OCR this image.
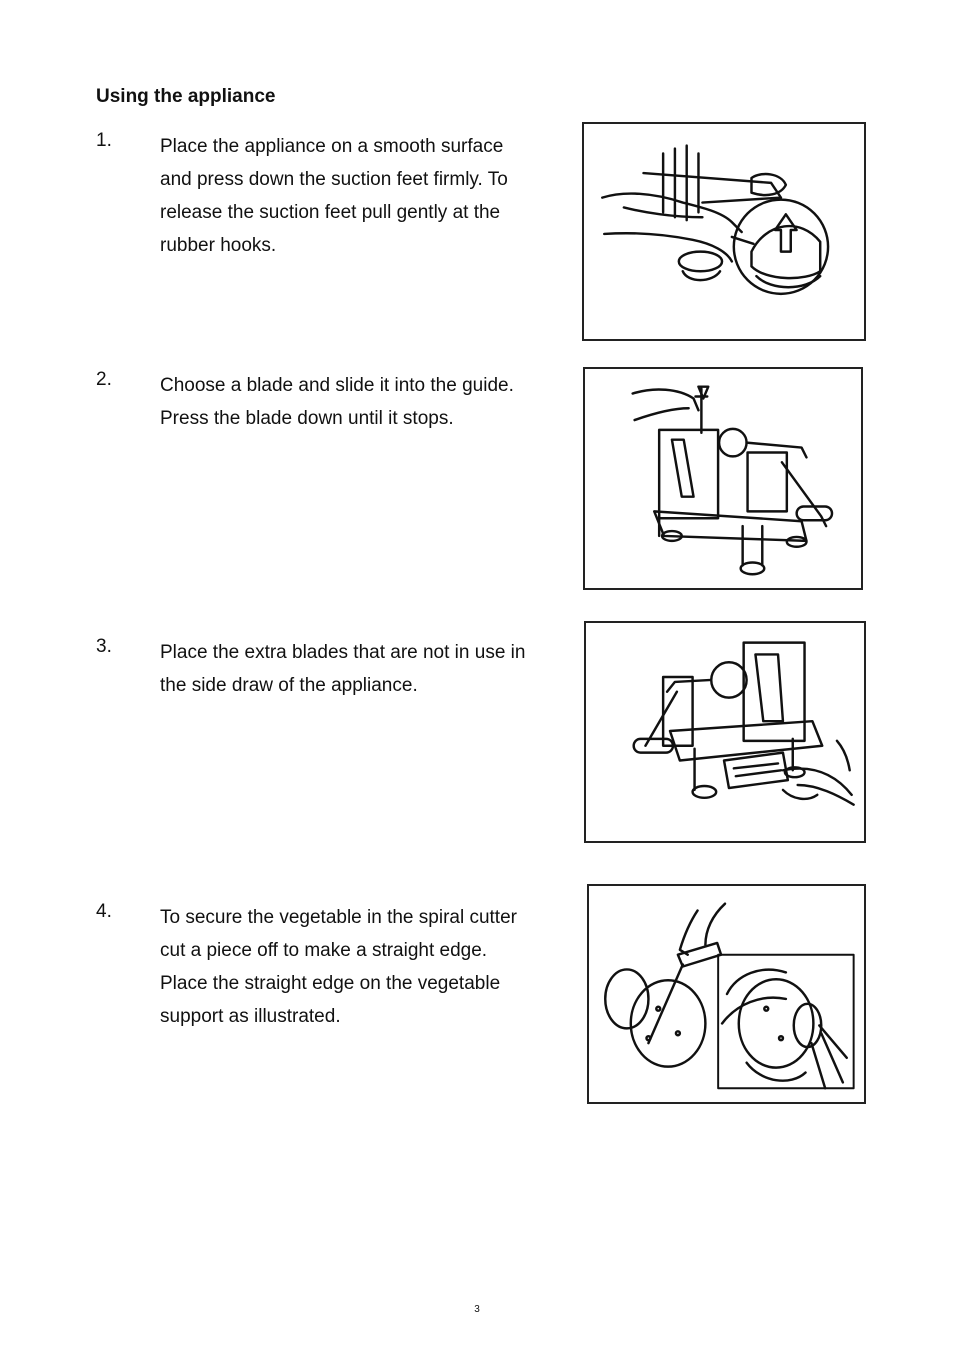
Using the appliance
1.	Place the appliance on a smooth surface
and press down the suction feet firmly. To
release the suction feet pull gently at the
rubber hooks.
2.	Choose a blade and slide it into the guide.
Press the blade down until it stops.
3.	Place the extra blades that are not in use in
the side draw of the appliance.
4.	To secure the vegetable in the spiral cutter
cut a piece off to make a straight edge.
Place the straight edge on the vegetable
support as illustrated.
3
